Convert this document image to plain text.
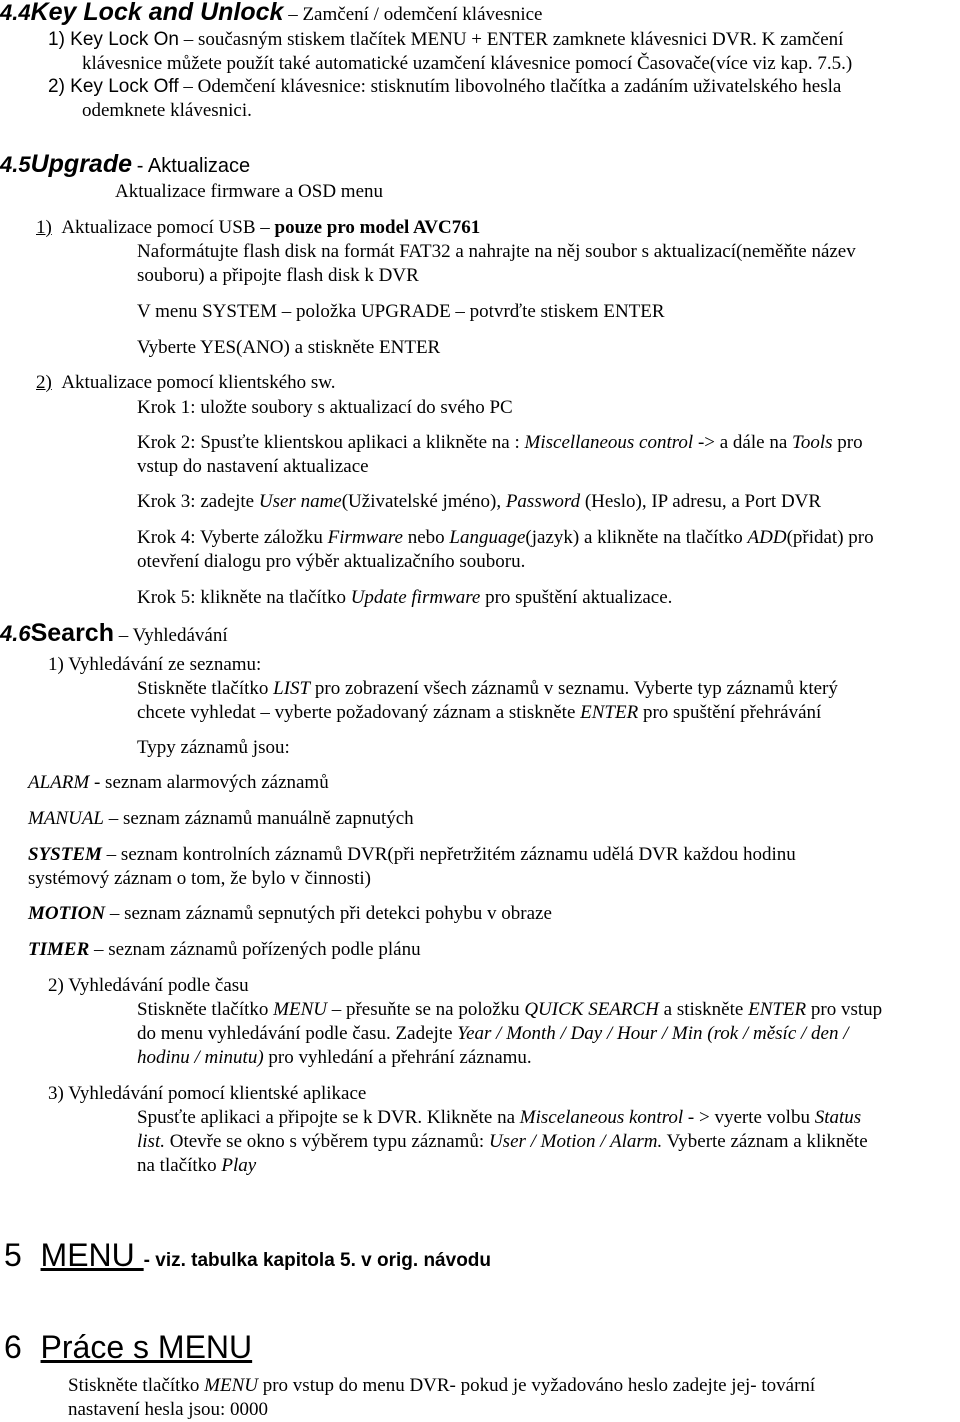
4.4Key Lock and Unlock – Zamčení / odemčení klávesnice
1) Key Lock On – současným stiskem tlačítek MENU + ENTER zamknete klávesnici DVR. K zamčení
klávesnice můžete použít také automatické uzamčení klávesnice pomocí Časovače(více viz kap. 7.5.)
2) Key Lock Off – Odemčení klávesnice: stisknutím libovolného tlačítka a zadáním uživatelského hesla
odemknete klávesnici.
4.5Upgrade - Aktualizace
Aktualizace firmware a OSD menu
1) Aktualizace pomocí USB – pouze pro model AVC761
Naformátujte flash disk na formát FAT32 a nahrajte na něj soubor s aktualizací(neměňte název
souboru) a připojte flash disk k DVR
V menu SYSTEM – položka UPGRADE – potvrďte stiskem ENTER
Vyberte YES(ANO) a stiskněte ENTER
2) Aktualizace pomocí klientského sw.
Krok 1: uložte soubory s aktualizací do svého PC
Krok 2: Spusťte klientskou aplikaci a klikněte na : Miscellaneous control -> a dále na Tools pro
vstup do nastavení aktualizace
Krok 3: zadejte User name(Uživatelské jméno), Password (Heslo), IP adresu, a Port DVR
Krok 4: Vyberte záložku Firmware nebo Language(jazyk) a klikněte na tlačítko ADD(přidat) pro
otevření dialogu pro výběr aktualizačního souboru.
Krok 5: klikněte na tlačítko Update firmware pro spuštění aktualizace.
4.6Search – Vyhledávání
1) Vyhledávání ze seznamu:
Stiskněte tlačítko LIST pro zobrazení všech záznamů v seznamu. Vyberte typ záznamů který
chcete vyhledat – vyberte požadovaný záznam a stiskněte ENTER pro spuštění přehrávání
Typy záznamů jsou:
ALARM - seznam alarmových záznamů
MANUAL – seznam záznamů manuálně zapnutých
SYSTEM – seznam kontrolních záznamů DVR(při nepřetržitém záznamu udělá DVR každou hodinu
systémový záznam o tom, že bylo v činnosti)
MOTION – seznam záznamů sepnutých při detekci pohybu v obraze
TIMER – seznam záznamů pořízených podle plánu
2) Vyhledávání podle času
Stiskněte tlačítko MENU – přesuňte se na položku QUICK SEARCH a stiskněte ENTER pro vstup
do menu vyhledávání podle času. Zadejte Year / Month / Day / Hour / Min (rok / měsíc / den /
hodinu / minutu) pro vyhledání a přehrání záznamu.
3) Vyhledávání pomocí klientské aplikace
Spusťte aplikaci a připojte se k DVR. Klikněte na Miscelaneous kontrol - > vyerte volbu Status
list. Otevře se okno s výběrem typu záznamů: User / Motion / Alarm. Vyberte záznam a klikněte
na tlačítko Play
5 MENU - viz. tabulka kapitola 5. v orig. návodu
6 Práce s MENU
Stiskněte tlačítko MENU pro vstup do menu DVR- pokud je vyžadováno heslo zadejte jej- tovární
nastavení hesla jsou: 0000
